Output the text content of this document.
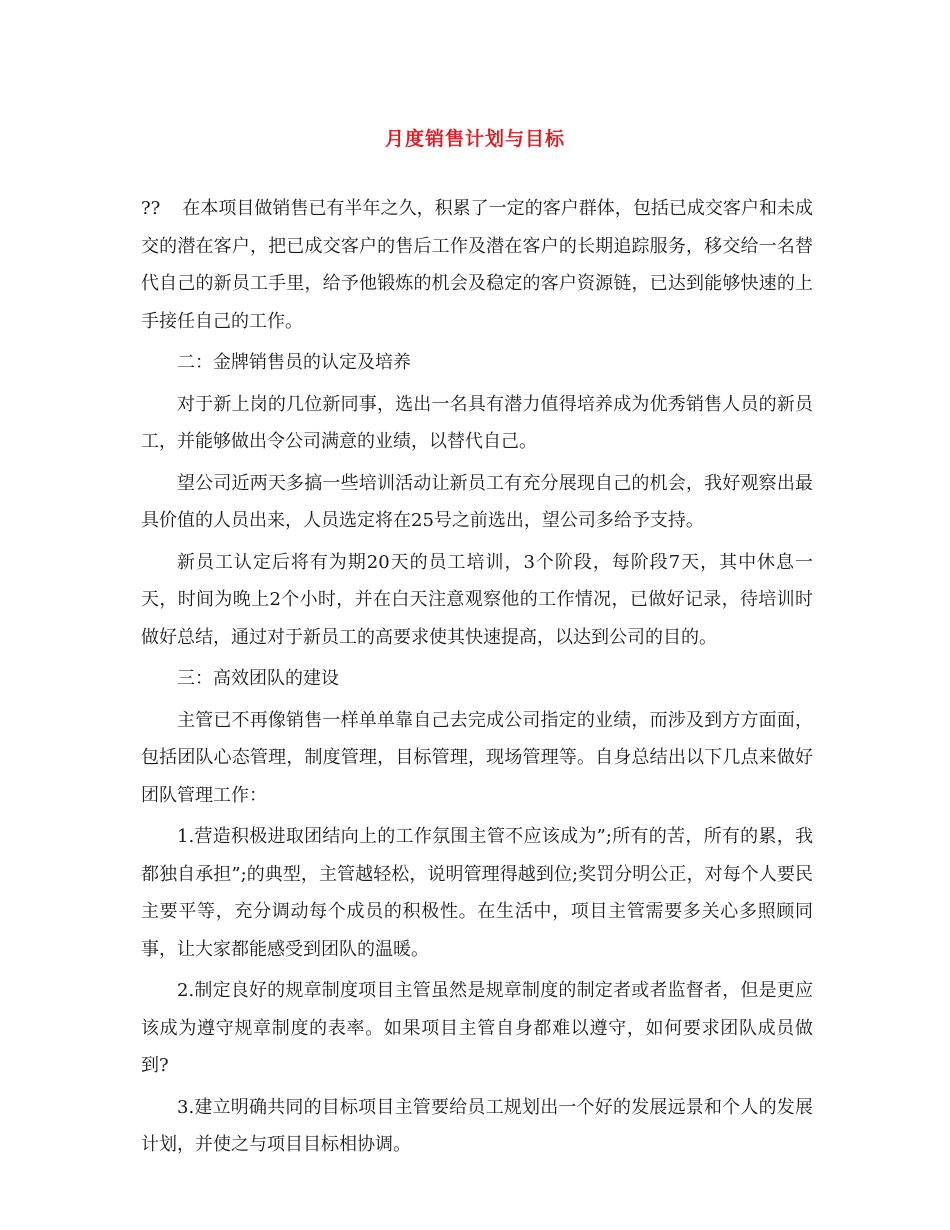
月度销售计划与目标

?? 在本项目做销售已有半年之久，积累了一定的客户群体，包括已成交客户和未成交的潜在客户，把已成交客户的售后工作及潜在客户的长期追踪服务，移交给一名替代自己的新员工手里，给予他锻炼的机会及稳定的客户资源链，已达到能够快速的上手接任自己的工作。

二：金牌销售员的认定及培养

对于新上岗的几位新同事，选出一名具有潜力值得培养成为优秀销售人员的新员工，并能够做出令公司满意的业绩，以替代自己。

望公司近两天多搞一些培训活动让新员工有充分展现自己的机会，我好观察出最具价值的人员出来，人员选定将在25号之前选出，望公司多给予支持。

新员工认定后将有为期20天的员工培训，3个阶段，每阶段7天，其中休息一天，时间为晚上2个小时，并在白天注意观察他的工作情况，已做好记录，待培训时做好总结，通过对于新员工的高要求使其快速提高，以达到公司的目的。

三：高效团队的建设

主管已不再像销售一样单单靠自己去完成公司指定的业绩，而涉及到方方面面，包括团队心态管理，制度管理，目标管理，现场管理等。自身总结出以下几点来做好团队管理工作：

1.营造积极进取团结向上的工作氛围主管不应该成为”;所有的苦，所有的累，我都独自承担”;的典型，主管越轻松，说明管理得越到位;奖罚分明公正，对每个人要民主要平等，充分调动每个成员的积极性。在生活中，项目主管需要多关心多照顾同事，让大家都能感受到团队的温暖。

2.制定良好的规章制度项目主管虽然是规章制度的制定者或者监督者，但是更应该成为遵守规章制度的表率。如果项目主管自身都难以遵守，如何要求团队成员做到?

3.建立明确共同的目标项目主管要给员工规划出一个好的发展远景和个人的发展计划，并使之与项目目标相协调。
